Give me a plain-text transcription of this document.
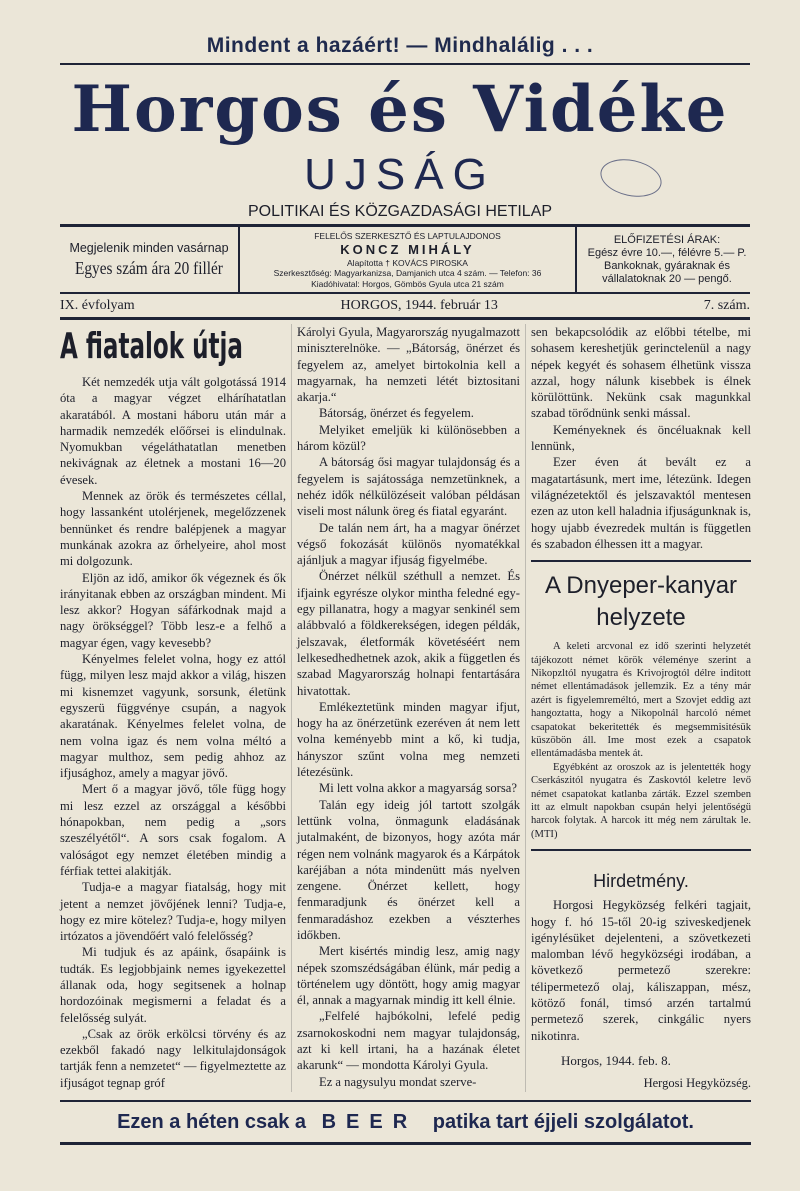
Mindent a hazáért! — Mindhalálig . . .
Horgos és Vidéke
UJSÁG
POLITIKAI ÉS KÖZGAZDASÁGI HETILAP
Megjelenik minden vasárnap
Egyes szám ára 20 fillér
FELELŐS SZERKESZTŐ ÉS LAPTULAJDONOS
KONCZ MIHÁLY
Alapította † KOVÁCS PIROSKA
Szerkesztőség: Magyarkanizsa, Damjanich utca 4 szám. — Telefon: 36
Kiadóhivatal: Horgos, Gömbös Gyula utca 21 szám
ELŐFIZETÉSI ÁRAK:
Egész évre 10.—, félévre 5.— P.
Bankoknak, gyáraknak és vállalatoknak 20 — pengő.
IX. évfolyam	HORGOS, 1944. február 13	7. szám.
A fiatalok útja

Két nemzedék utja vált golgotássá 1914 óta a magyar végzet elháríhatatlan akaratából. A mostani háboru után már a harmadik nemzedék előőrsei is elindulnak. Nyomukban végeláthatatlan menetben nekivágnak az életnek a mostani 16—20 évesek.

Mennek az örök és természetes céllal, hogy lassanként utolérjenek, megelőzzenek bennünket és rendre balépjenek a magyar munkának azokra az őrhelyeire, ahol most mi dolgozunk.

Eljön az idő, amikor ők végeznek és ők irányitanak ebben az országban mindent. Mi lesz akkor? Hogyan sáfárkodnak majd a nagy örökséggel? Több lesz-e a felhő a magyar égen, vagy kevesebb?

Kényelmes felelet volna, hogy ez attól függ, milyen lesz majd akkor a világ, hiszen mi kisnemzet vagyunk, sorsunk, életünk egyszerü függvénye csupán, a nagyok akaratának. Kényelmes felelet volna, de nem volna igaz és nem volna méltó a magyar multhoz, sem pedig ahhoz az ifjusághoz, amely a magyar jövő.

Mert ő a magyar jövő, tőle függ hogy mi lesz ezzel az országgal a későbbi hónapokban, nem pedig a „sors szeszélyétől“. A sors csak fogalom. A valóságot egy nemzet életében mindig a férfiak tettei alakitják.

Tudja-e a magyar fiatalság, hogy mit jetent a nemzet jövőjének lenni? Tudja-e, hogy ez mire kötelez? Tudja-e, hogy milyen irtózatos a jövendőért való felelősség?

Mi tudjuk és az apáink, ősapáink is tudták. Es legjobbjaink nemes igyekezettel állanak oda, hogy segitsenek a holnap hordozóinak megismerni a feladat és a felelősség sulyát.

„Csak az örök erkölcsi törvény és az ezekből fakadó nagy lelkitulajdonságok tartják fenn a nemzetet“ — figyelmeztette az ifjuságot tegnap gróf

Károlyi Gyula, Magyarország nyugalmazott miniszterelnöke. — „Bátorság, önérzet és fegyelem az, amelyet birtokolnia kell a magyarnak, ha nemzeti létét biztositani akarja.“

Bátorság, önérzet és fegyelem.

Melyiket emeljük ki különösebben a három közül?

A bátorság ősi magyar tulajdonság és a fegyelem is sajátossága nemzetünknek, a nehéz idők nélkülözéseit valóban példásan viseli most nálunk öreg és fiatal egyaránt.

De talán nem árt, ha a magyar önérzet végső fokozását különös nyomatékkal ajánljuk a magyar ifjuság figyelmébe.

Önérzet nélkül széthull a nemzet. És ifjaink egyrésze olykor mintha feledné egy-egy pillanatra, hogy a magyar senkinél sem alábbvaló a földkerekségen, idegen példák, jelszavak, életformák követéséért nem lelkesedhedhetnek azok, akik a független és szabad Magyarország holnapi fentartására hivatottak.

Emlékeztetünk minden magyar ifjut, hogy ha az önérzetünk ezeréven át nem lett volna keményebb mint a kő, ki tudja, hányszor szűnt volna meg nemzeti létezésünk.

Mi lett volna akkor a magyarság sorsa?

Talán egy ideig jól tartott szolgák lettünk volna, önmagunk eladásának jutalmaként, de bizonyos, hogy azóta már régen nem volnánk magyarok és a Kárpátok karéjában a nóta mindenütt más nyelven zengene. Önérzet kellett, hogy fenmaradjunk és önérzet kell a fenmaradáshoz ezekben a vészterhes időkben.

Mert kisértés mindig lesz, amig nagy népek szomszédságában élünk, már pedig a történelem ugy döntött, hogy amig magyar él, annak a magyarnak mindig itt kell élnie.

„Felfelé hajbókolni, lefelé pedig zsarnokoskodni nem magyar tulajdonság, azt ki kell irtani, ha a hazának életet akarunk“ — mondotta Károlyi Gyula.

Ez a nagysulyu mondat szerve-

sen bekapcsolódik az előbbi tételbe, mi sohasem kereshetjük gerinctelenül a nagy népek kegyét és sohasem élhetünk vissza azzal, hogy nálunk kisebbek is élnek körülöttünk. Nekünk csak magunkkal szabad törődnünk senki mással.

Keményeknek és öncéluaknak kell lennünk,

Ezer éven át bevált ez a magatartásunk, mert ime, létezünk. Idegen világnézetektől és jelszavaktól mentesen ezen az uton kell haladnia ifjuságunknak is, hogy ujabb évezredek multán is független és szabadon élhessen itt a magyar.

A Dnyeper-kanyar helyzete

A keleti arcvonal ez idő szerinti helyzetét tájékozott német körök véleménye szerint a Nikopzltól nyugatra és Krivojrogtól délre inditott német ellentámadások jellemzik. Ez a tény már azért is figyelemreméltó, mert a Szovjet eddig azt hangoztatta, hogy a Nikopolnál harcoló német csapatokat bekeritették és megsemmisitésük küszöbön áll. Ime most ezek a csapatok ellentámadásba mentek át.

Egyébként az oroszok az is jelentették hogy Cserkászitól nyugatra és Zaskovtól keletre levő német csapatokat katlanba zárták. Ezzel szemben itt az elmult napokban csupán helyi jelentőségü harcok folytak. A harcok itt még nem zárultak le. (MTI)

Hirdetmény.

Horgosi Hegyközség felkéri tagjait, hogy f. hó 15-től 20-ig sziveskedjenek igénylésüket dejelenteni, a szövetkezeti malomban lévő hegyközségi irodában, a következő permetező szerekre: télipermetező olaj, káliszappan, mész, kötöző fonál, timsó arzén tartalmú permetező szerek, cinkgálic nyers nikotinra.

Horgos, 1944. feb. 8.
Hergosi Hegyközség.
Ezen a héten csak a BEER patika tart éjjeli szolgálatot.
